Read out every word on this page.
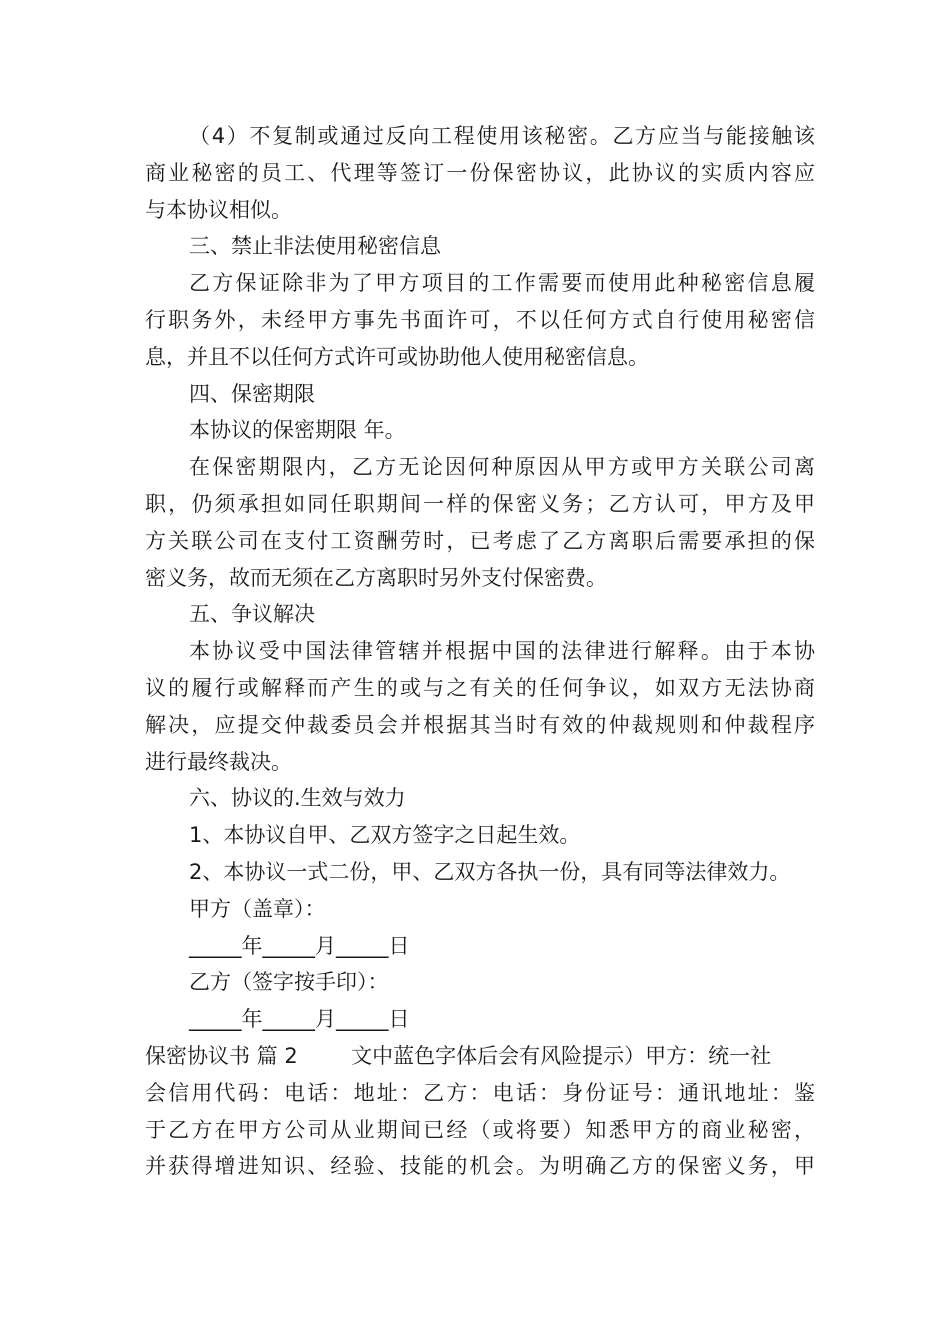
（4）不复制或通过反向工程使用该秘密。乙方应当与能接触该
商业秘密的员工、代理等签订一份保密协议，此协议的实质内容应
与本协议相似。
三、禁止非法使用秘密信息
乙方保证除非为了甲方项目的工作需要而使用此种秘密信息履
行职务外，未经甲方事先书面许可，不以任何方式自行使用秘密信
息，并且不以任何方式许可或协助他人使用秘密信息。
四、保密期限
本协议的保密期限 年。
在保密期限内，乙方无论因何种原因从甲方或甲方关联公司离
职，仍须承担如同任职期间一样的保密义务；乙方认可，甲方及甲
方关联公司在支付工资酬劳时，已考虑了乙方离职后需要承担的保
密义务，故而无须在乙方离职时另外支付保密费。
五、争议解决
本协议受中国法律管辖并根据中国的法律进行解释。由于本协
议的履行或解释而产生的或与之有关的任何争议，如双方无法协商
解决，应提交仲裁委员会并根据其当时有效的仲裁规则和仲裁程序
进行最终裁决。
六、协议的.生效与效力
1、本协议自甲、乙双方签字之日起生效。
2、本协议一式二份，甲、乙双方各执一份，具有同等法律效力。
甲方（盖章）：
_____年_____月_____日
乙方（签字按手印）：
_____年_____月_____日
保密协议书 篇 2        文中蓝色字体后会有风险提示）甲方：统一社
会信用代码：电话：地址：乙方：电话：身份证号：通讯地址：鉴
于乙方在甲方公司从业期间已经（或将要）知悉甲方的商业秘密，
并获得增进知识、经验、技能的机会。为明确乙方的保密义务，甲
